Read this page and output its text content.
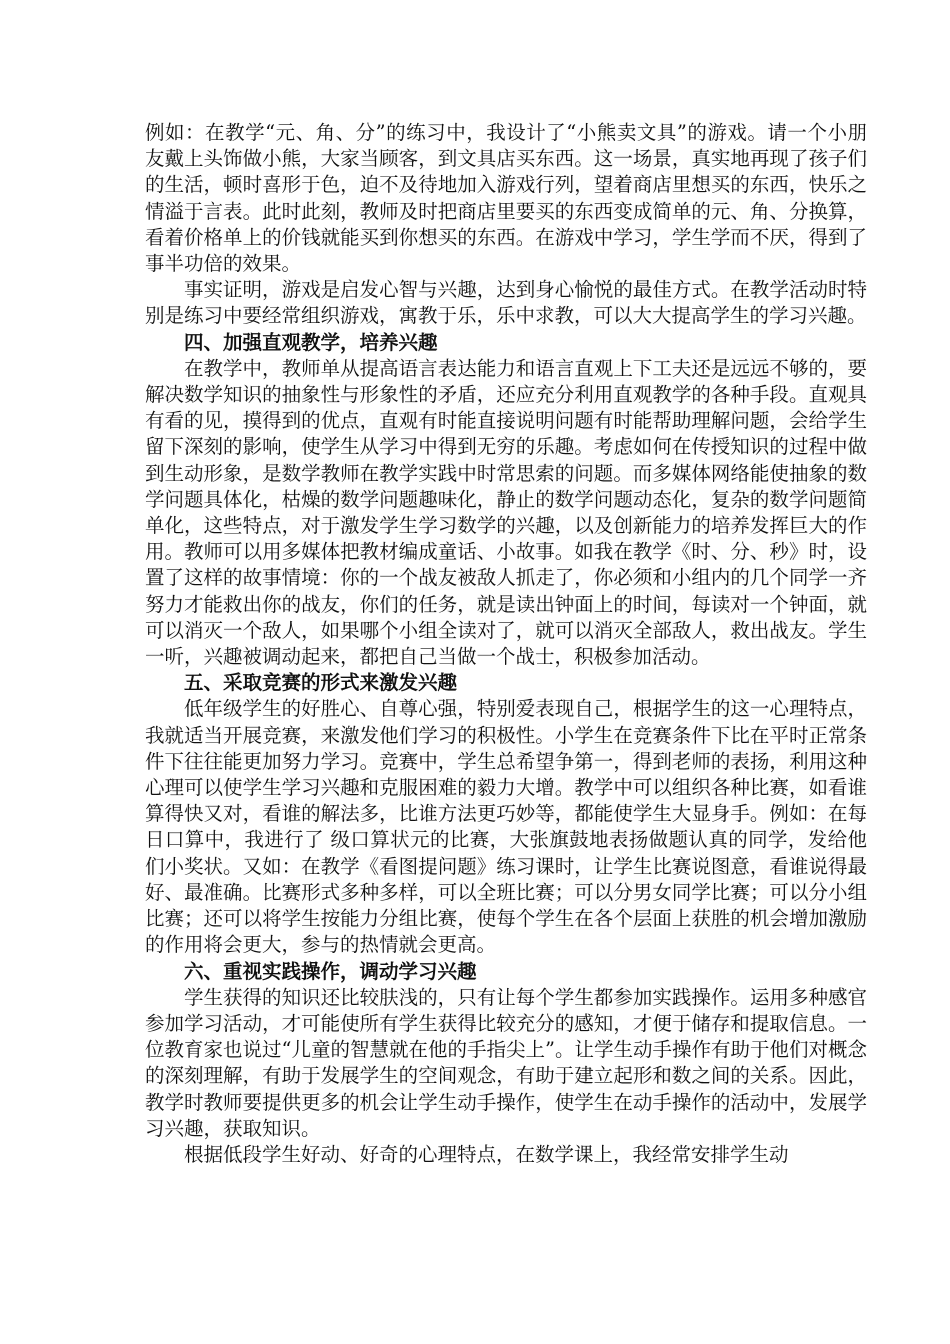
例如：在教学“元、角、分”的练习中，我设计了“小熊卖文具”的游戏。请一个小朋友戴上头饰做小熊，大家当顾客，到文具店买东西。这一场景，真实地再现了孩子们的生活，顿时喜形于色，迫不及待地加入游戏行列，望着商店里想买的东西，快乐之情溢于言表。此时此刻，教师及时把商店里要买的东西变成简单的元、角、分换算，看着价格单上的价钱就能买到你想买的东西。在游戏中学习，学生学而不厌，得到了事半功倍的效果。

事实证明，游戏是启发心智与兴趣，达到身心愉悦的最佳方式。在教学活动时特别是练习中要经常组织游戏，寓教于乐，乐中求教，可以大大提高学生的学习兴趣。

四、加强直观教学，培养兴趣

在教学中，教师单从提高语言表达能力和语言直观上下工夫还是远远不够的，要解决数学知识的抽象性与形象性的矛盾，还应充分利用直观教学的各种手段。直观具有看的见，摸得到的优点，直观有时能直接说明问题有时能帮助理解问题，会给学生留下深刻的影响，使学生从学习中得到无穷的乐趣。考虑如何在传授知识的过程中做到生动形象，是数学教师在教学实践中时常思索的问题。而多媒体网络能使抽象的数学问题具体化，枯燥的数学问题趣味化，静止的数学问题动态化，复杂的数学问题简单化，这些特点，对于激发学生学习数学的兴趣，以及创新能力的培养发挥巨大的作用。教师可以用多媒体把教材编成童话、小故事。如我在教学《时、分、秒》时，设置了这样的故事情境：你的一个战友被敌人抓走了，你必须和小组内的几个同学一齐努力才能救出你的战友，你们的任务，就是读出钟面上的时间，每读对一个钟面，就可以消灭一个敌人，如果哪个小组全读对了，就可以消灭全部敌人，救出战友。学生一听，兴趣被调动起来，都把自己当做一个战士，积极参加活动。

五、采取竞赛的形式来激发兴趣

低年级学生的好胜心、自尊心强，特别爱表现自己，根据学生的这一心理特点，我就适当开展竞赛，来激发他们学习的积极性。小学生在竞赛条件下比在平时正常条件下往往能更加努力学习。竞赛中，学生总希望争第一，得到老师的表扬，利用这种心理可以使学生学习兴趣和克服困难的毅力大增。教学中可以组织各种比赛，如看谁算得快又对，看谁的解法多，比谁方法更巧妙等，都能使学生大显身手。例如：在每日口算中，我进行了 级口算状元的比赛，大张旗鼓地表扬做题认真的同学，发给他们小奖状。又如：在教学《看图提问题》练习课时，让学生比赛说图意，看谁说得最好、最准确。比赛形式多种多样，可以全班比赛；可以分男女同学比赛；可以分小组比赛；还可以将学生按能力分组比赛，使每个学生在各个层面上获胜的机会增加激励的作用将会更大，参与的热情就会更高。

六、重视实践操作，调动学习兴趣

学生获得的知识还比较肤浅的，只有让每个学生都参加实践操作。运用多种感官参加学习活动，才可能使所有学生获得比较充分的感知，才便于储存和提取信息。一位教育家也说过“儿童的智慧就在他的手指尖上”。让学生动手操作有助于他们对概念的深刻理解，有助于发展学生的空间观念，有助于建立起形和数之间的关系。因此，教学时教师要提供更多的机会让学生动手操作，使学生在动手操作的活动中，发展学习兴趣，获取知识。

根据低段学生好动、好奇的心理特点，在数学课上，我经常安排学生动
